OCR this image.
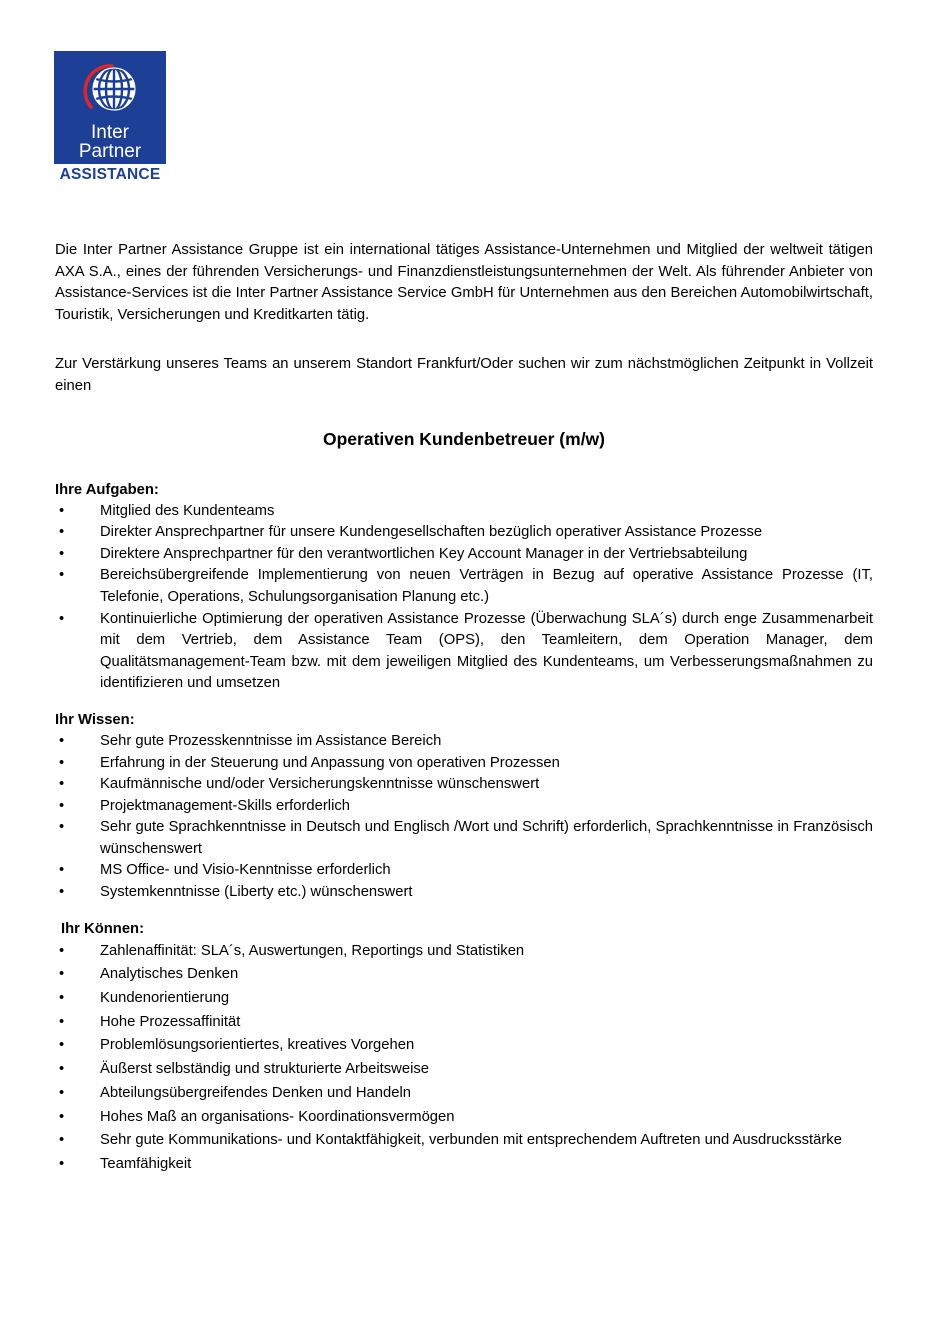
Inter
Partner
ASSISTANCE

Die Inter Partner Assistance Gruppe ist ein international tätiges Assistance-Unternehmen und Mitglied der weltweit tätigen AXA S.A., eines der führenden Versicherungs- und Finanzdienstleistungsunternehmen der Welt. Als führender Anbieter von Assistance-Services ist die Inter Partner Assistance Service GmbH für Unternehmen aus den Bereichen Automobilwirtschaft, Touristik, Versicherungen und Kreditkarten tätig.

Zur Verstärkung unseres Teams an unserem Standort Frankfurt/Oder suchen wir zum nächstmöglichen Zeitpunkt in Vollzeit einen

Operativen Kundenbetreuer (m/w)
Ihre Aufgaben:
• Mitglied des Kundenteams
• Direkter Ansprechpartner für unsere Kundengesellschaften bezüglich operativer Assistance Prozesse
• Direktere Ansprechpartner für den verantwortlichen Key Account Manager in der Vertriebsabteilung
• Bereichsübergreifende Implementierung von neuen Verträgen in Bezug auf operative Assistance Prozesse (IT, Telefonie, Operations, Schulungsorganisation Planung etc.)
• Kontinuierliche Optimierung der operativen Assistance Prozesse (Überwachung SLA´s) durch enge Zusammenarbeit mit dem Vertrieb, dem Assistance Team (OPS), den Teamleitern, dem Operation Manager, dem Qualitätsmanagement-Team bzw. mit dem jeweiligen Mitglied des Kundenteams, um Verbesserungsmaßnahmen zu identifizieren und umsetzen
Ihr Wissen:
• Sehr gute Prozesskenntnisse im Assistance Bereich
• Erfahrung in der Steuerung und Anpassung von operativen Prozessen
• Kaufmännische und/oder Versicherungskenntnisse wünschenswert
• Projektmanagement-Skills erforderlich
• Sehr gute Sprachkenntnisse in Deutsch und Englisch /Wort und Schrift) erforderlich, Sprachkenntnisse in Französisch wünschenswert
• MS Office- und Visio-Kenntnisse erforderlich
• Systemkenntnisse (Liberty etc.) wünschenswert
Ihr Können:
• Zahlenaffinität: SLA´s, Auswertungen, Reportings und Statistiken
• Analytisches Denken
• Kundenorientierung
• Hohe Prozessaffinität
• Problemlösungsorientiertes, kreatives Vorgehen
• Äußerst selbständig und strukturierte Arbeitsweise
• Abteilungsübergreifendes Denken und Handeln
• Hohes Maß an organisations- Koordinationsvermögen
• Sehr gute Kommunikations- und Kontaktfähigkeit, verbunden mit entsprechendem Auftreten und Ausdrucksstärke
• Teamfähigkeit
